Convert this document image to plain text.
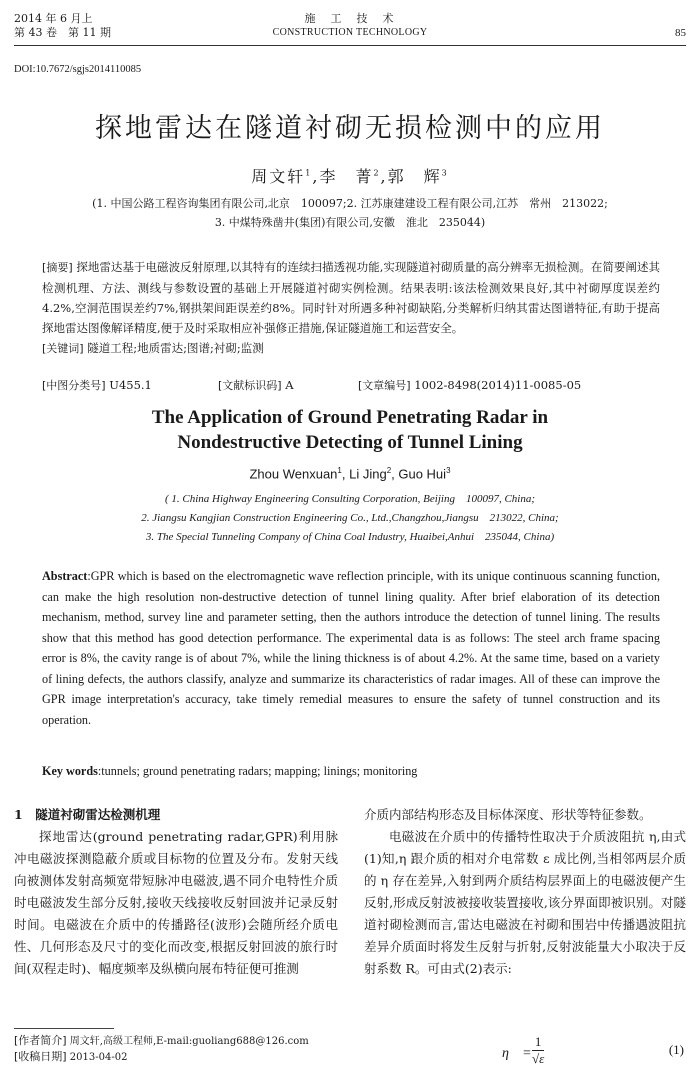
2014 年 6 月上
第 43 卷　第 11 期
施　工　技　术
CONSTRUCTION TECHNOLOGY	85
DOI:10.7672/sgjs2014110085
探地雷达在隧道衬砌无损检测中的应用
周文轩$^1$,李　菁$^2$,郭　辉$^3$
(1. 中国公路工程咨询集团有限公司,北京　100097;2. 江苏康建建设工程有限公司,江苏　常州　213022;
3. 中煤特殊凿井(集团)有限公司,安徽　淮北　235044)
[摘要] 探地雷达基于电磁波反射原理,以其特有的连续扫描透视功能,实现隧道衬砌质量的高分辨率无损检测。在简要阐述其检测机理、方法、测线与参数设置的基础上开展隧道衬砌实例检测。结果表明:该法检测效果良好,其中衬砌厚度误差约4.2%,空洞范围误差约7%,钢拱架间距误差约8%。同时针对所遇多种衬砌缺陷,分类解析归纳其雷达图谱特征,有助于提高探地雷达图像解译精度,便于及时采取相应补强修正措施,保证隧道施工和运营安全。
[关键词] 隧道工程;地质雷达;图谱;衬砌;监测
[中图分类号] U455.1	[文献标识码] A	[文章编号] 1002-8498(2014)11-0085-05
The Application of Ground Penetrating Radar in
Nondestructive Detecting of Tunnel Lining
Zhou Wenxuan$^1$, Li Jing$^2$, Guo Hui$^3$
( 1. China Highway Engineering Consulting Corporation, Beijing　100097, China;
2. Jiangsu Kangjian Construction Engineering Co., Ltd.,Changzhou,Jiangsu　213022, China;
3. The Special Tunneling Company of China Coal Industry, Huaibei,Anhui　235044, China)
Abstract:GPR which is based on the electromagnetic wave reflection principle, with its unique continuous scanning function, can make the high resolution non-destructive detection of tunnel lining quality. After brief elaboration of its detection mechanism, method, survey line and parameter setting, then the authors introduce the detection of tunnel lining. The results show that this method has good detection performance. The experimental data is as follows: The steel arch frame spacing error is 8%, the cavity range is of about 7%, while the lining thickness is of about 4.2%. At the same time, based on a variety of lining defects, the authors classify, analyze and summarize its characteristics of radar images. All of these can improve the GPR image interpretation's accuracy, take timely remedial measures to ensure the safety of tunnel construction and its operation.
Key words:tunnels; ground penetrating radars; mapping; linings; monitoring
1　隧道衬砌雷达检测机理
探地雷达(ground penetrating radar,GPR)利用脉冲电磁波探测隐蔽介质或目标物的位置及分布。发射天线向被测体发射高频宽带短脉冲电磁波,遇不同介电特性介质时电磁波发生部分反射,接收天线接收反射回波并记录反射时间。电磁波在介质中的传播路径(波形)会随所经介质电性、几何形态及尺寸的变化而改变,根据反射回波的旅行时间(双程走时)、幅度频率及纵横向展布特征便可推测
介质内部结构形态及目标体深度、形状等特征参数。
电磁波在介质中的传播特性取决于介质波阻抗 η,由式(1)知,η 跟介质的相对介电常数 ε 成比例,当相邻两层介质的 η 存在差异,入射到两介质结构层界面上的电磁波便产生反射,形成反射波被接收装置接收,该分界面即被识别。对隧道衬砌检测而言,雷达电磁波在衬砌和围岩中传播遇波阻抗差异介质面时将发生反射与折射,反射波能量大小取决于反射系数 R。可由式(2)表示:
[作者简介] 周文轩,高级工程师,E-mail:guoliang688@126.com
[收稿日期] 2013-04-02	η　 = $\frac{1}{√\varepsilon}$	(1)
